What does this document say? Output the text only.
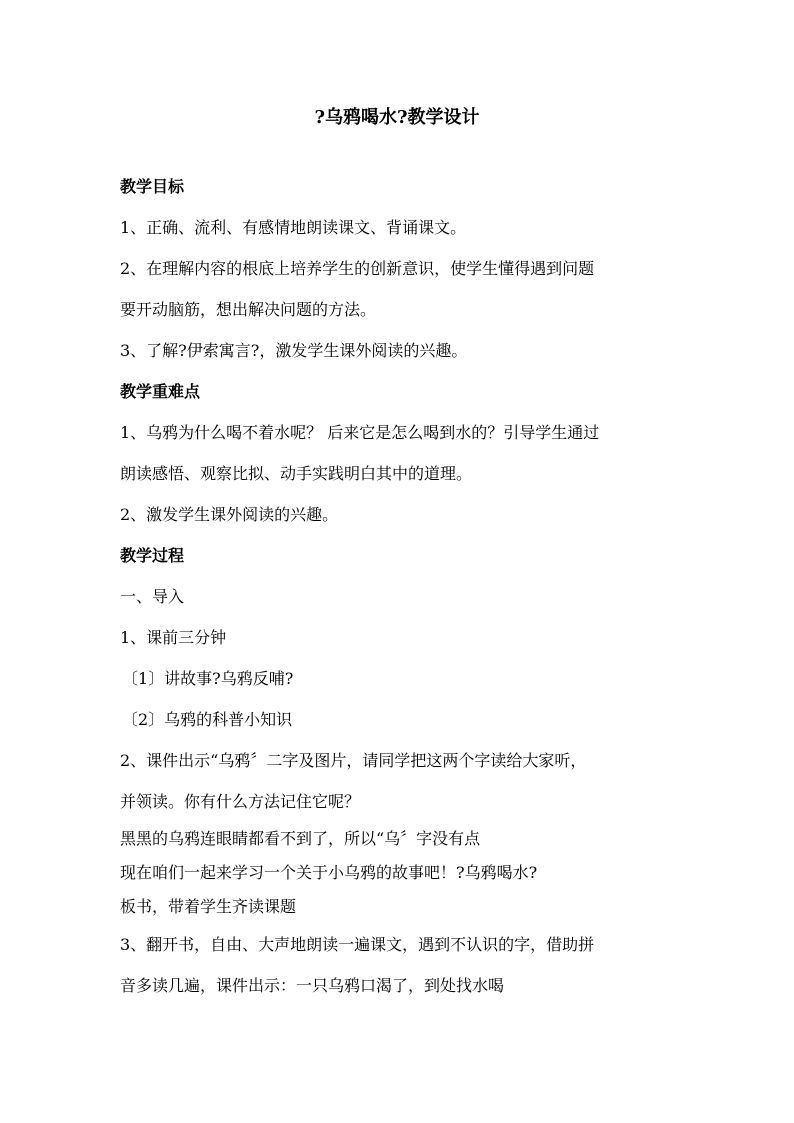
?乌鸦喝水?教学设计
教学目标
1、正确、流利、有感情地朗读课文、背诵课文。
2、在理解内容的根底上培养学生的创新意识，使学生懂得遇到问题
要开动脑筋，想出解决问题的方法。
3、了解?伊索寓言?，激发学生课外阅读的兴趣。
教学重难点
1、乌鸦为什么喝不着水呢？ 后来它是怎么喝到水的？引导学生通过
朗读感悟、观察比拟、动手实践明白其中的道理。
2、激发学生课外阅读的兴趣。
教学过程
一、导入
1、课前三分钟
〔1〕讲故事?乌鸦反哺?
〔2〕乌鸦的科普小知识
2、课件出示“乌鸦〞二字及图片，请同学把这两个字读给大家听，
并领读。你有什么方法记住它呢？
黑黑的乌鸦连眼睛都看不到了，所以“乌〞字没有点
现在咱们一起来学习一个关于小乌鸦的故事吧！?乌鸦喝水?
板书，带着学生齐读课题
3、翻开书，自由、大声地朗读一遍课文，遇到不认识的字，借助拼
音多读几遍，课件出示：一只乌鸦口渴了，到处找水喝
